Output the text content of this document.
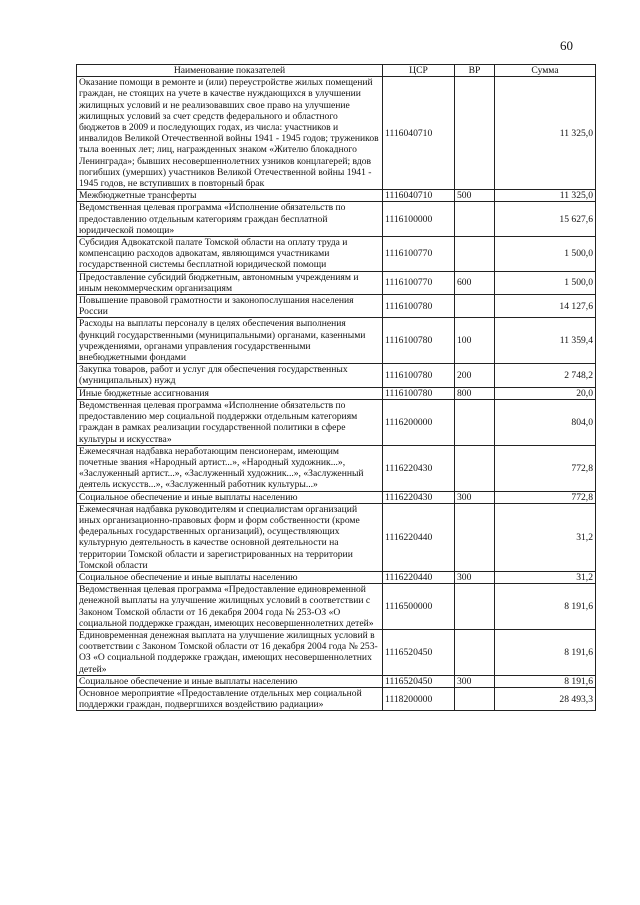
60
Наименование показателей	ЦСР	ВР	Сумма
Оказание помощи в ремонте и (или) переустройстве жилых помещений граждан, не стоящих на учете в качестве нуждающихся в улучшении жилищных условий и не реализовавших свое право на улучшение жилищных условий за счет средств федерального и областного бюджетов в 2009 и последующих годах, из числа: участников и инвалидов Великой Отечественной войны 1941 - 1945 годов; тружеников тыла военных лет; лиц, награжденных знаком «Жителю блокадного Ленинграда»; бывших несовершеннолетних узников концлагерей; вдов погибших (умерших) участников Великой Отечественной войны 1941 - 1945 годов, не вступивших в повторный брак	1116040710		11 325,0
Межбюджетные трансферты	1116040710	500	11 325,0
Ведомственная целевая программа «Исполнение обязательств по предоставлению отдельным категориям граждан бесплатной юридической помощи»	1116100000		15 627,6
Субсидия Адвокатской палате Томской области на оплату труда и компенсацию расходов адвокатам, являющимся участниками государственной системы бесплатной юридической помощи	1116100770		1 500,0
Предоставление субсидий бюджетным, автономным учреждениям и иным некоммерческим организациям	1116100770	600	1 500,0
Повышение правовой грамотности и законопослушания населения России	1116100780		14 127,6
Расходы на выплаты персоналу в целях обеспечения выполнения функций государственными (муниципальными) органами, казенными учреждениями, органами управления государственными внебюджетными фондами	1116100780	100	11 359,4
Закупка товаров, работ и услуг для обеспечения государственных (муниципальных) нужд	1116100780	200	2 748,2
Иные бюджетные ассигнования	1116100780	800	20,0
Ведомственная целевая программа «Исполнение обязательств по предоставлению мер социальной поддержки отдельным категориям граждан в рамках реализации государственной политики в сфере культуры и искусства»	1116200000		804,0
Ежемесячная надбавка неработающим пенсионерам, имеющим почетные звания «Народный артист...», «Народный художник...», «Заслуженный артист...», «Заслуженный художник...», «Заслуженный деятель искусств...», «Заслуженный работник культуры...»	1116220430		772,8
Социальное обеспечение и иные выплаты населению	1116220430	300	772,8
Ежемесячная надбавка руководителям и специалистам организаций иных организационно-правовых форм и форм собственности (кроме федеральных государственных организаций), осуществляющих культурную деятельность в качестве основной деятельности на территории Томской области и зарегистрированных на территории Томской области	1116220440		31,2
Социальное обеспечение и иные выплаты населению	1116220440	300	31,2
Ведомственная целевая программа «Предоставление единовременной денежной выплаты на улучшение жилищных условий в соответствии с Законом Томской области от 16 декабря 2004 года № 253-ОЗ «О социальной поддержке граждан, имеющих несовершеннолетних детей»	1116500000		8 191,6
Единовременная денежная выплата на улучшение жилищных условий в соответствии с Законом Томской области от 16 декабря 2004 года № 253-ОЗ «О социальной поддержке граждан, имеющих несовершеннолетних детей»	1116520450		8 191,6
Социальное обеспечение и иные выплаты населению	1116520450	300	8 191,6
Основное мероприятие «Предоставление отдельных мер социальной поддержки граждан, подвергшихся воздействию радиации»	1118200000		28 493,3
